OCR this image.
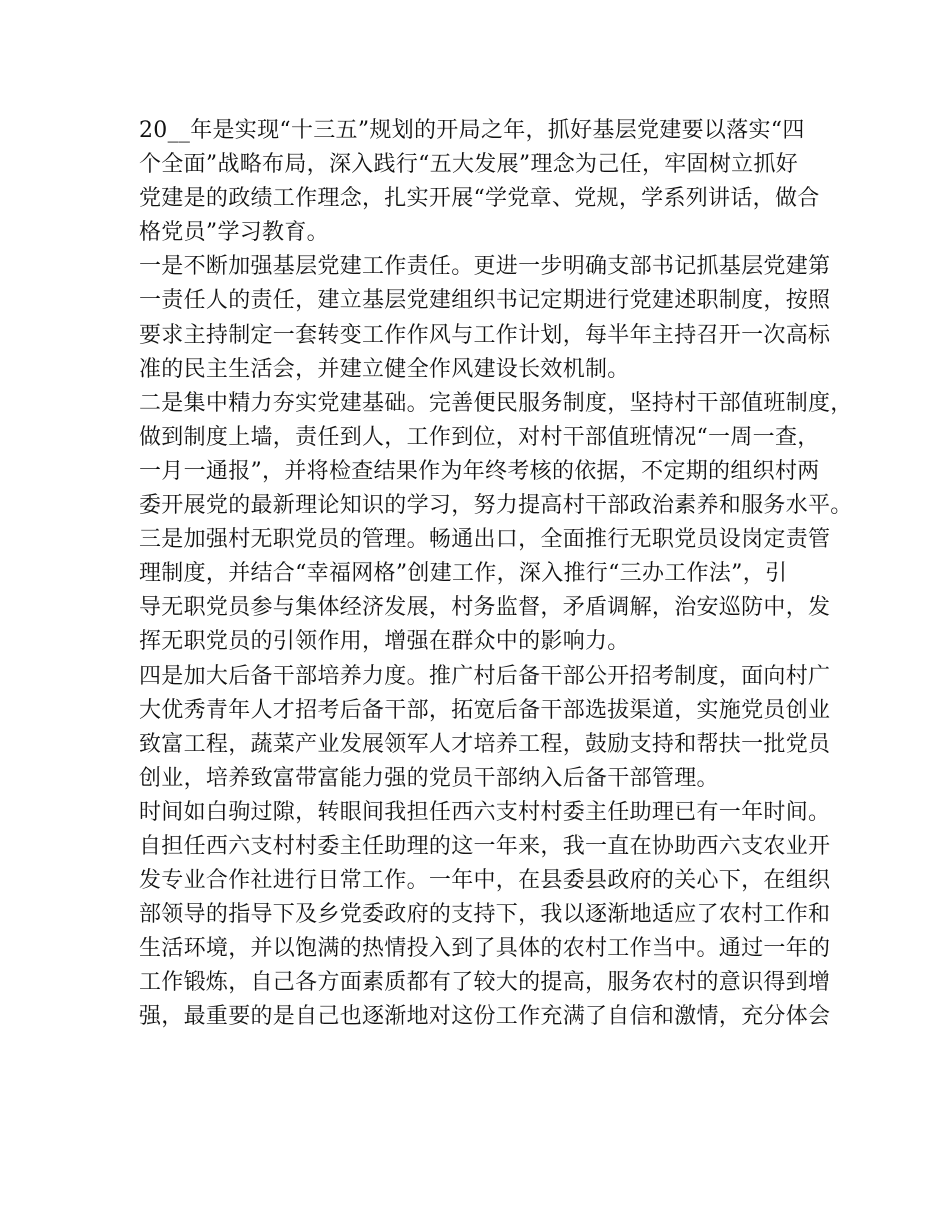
20__年是实现“十三五”规划的开局之年，抓好基层党建要以落实“四
个全面”战略布局，深入践行“五大发展”理念为己任，牢固树立抓好
党建是的政绩工作理念，扎实开展“学党章、党规，学系列讲话，做合
格党员”学习教育。
一是不断加强基层党建工作责任。更进一步明确支部书记抓基层党建第
一责任人的责任，建立基层党建组织书记定期进行党建述职制度，按照
要求主持制定一套转变工作作风与工作计划，每半年主持召开一次高标
准的民主生活会，并建立健全作风建设长效机制。
二是集中精力夯实党建基础。完善便民服务制度，坚持村干部值班制度，
做到制度上墙，责任到人，工作到位，对村干部值班情况“一周一查，
一月一通报”，并将检查结果作为年终考核的依据，不定期的组织村两
委开展党的最新理论知识的学习，努力提高村干部政治素养和服务水平。
三是加强村无职党员的管理。畅通出口，全面推行无职党员设岗定责管
理制度，并结合“幸福网格”创建工作，深入推行“三办工作法”，引
导无职党员参与集体经济发展，村务监督，矛盾调解，治安巡防中，发
挥无职党员的引领作用，增强在群众中的影响力。
四是加大后备干部培养力度。推广村后备干部公开招考制度，面向村广
大优秀青年人才招考后备干部，拓宽后备干部选拔渠道，实施党员创业
致富工程，蔬菜产业发展领军人才培养工程，鼓励支持和帮扶一批党员
创业，培养致富带富能力强的党员干部纳入后备干部管理。
时间如白驹过隙，转眼间我担任西六支村村委主任助理已有一年时间。
自担任西六支村村委主任助理的这一年来，我一直在协助西六支农业开
发专业合作社进行日常工作。一年中，在县委县政府的关心下，在组织
部领导的指导下及乡党委政府的支持下，我以逐渐地适应了农村工作和
生活环境，并以饱满的热情投入到了具体的农村工作当中。通过一年的
工作锻炼，自己各方面素质都有了较大的提高，服务农村的意识得到增
强，最重要的是自己也逐渐地对这份工作充满了自信和激情，充分体会
